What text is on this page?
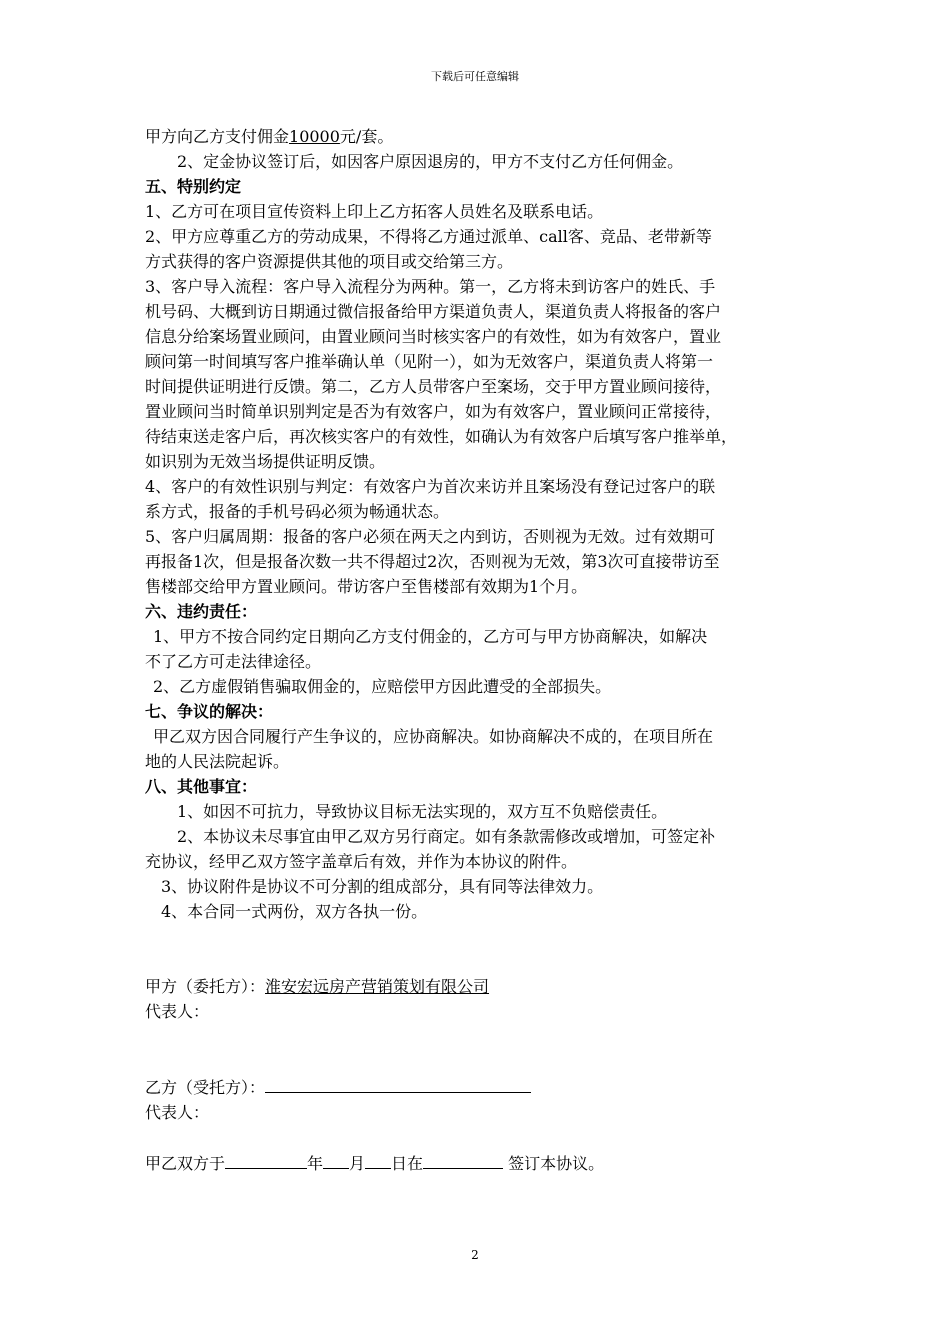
下载后可任意编辑

甲方向乙方支付佣金10000元/套。

2、定金协议签订后，如因客户原因退房的，甲方不支付乙方任何佣金。

五、特别约定

1、乙方可在项目宣传资料上印上乙方拓客人员姓名及联系电话。

2、甲方应尊重乙方的劳动成果，不得将乙方通过派单、call客、竞品、老带新等

方式获得的客户资源提供其他的项目或交给第三方。

3、客户导入流程：客户导入流程分为两种。第一，乙方将未到访客户的姓氏、手

机号码、大概到访日期通过微信报备给甲方渠道负责人，渠道负责人将报备的客户

信息分给案场置业顾问，由置业顾问当时核实客户的有效性，如为有效客户，置业

顾问第一时间填写客户推举确认单（见附一），如为无效客户，渠道负责人将第一

时间提供证明进行反馈。第二，乙方人员带客户至案场，交于甲方置业顾问接待，

置业顾问当时简单识别判定是否为有效客户，如为有效客户，置业顾问正常接待，

待结束送走客户后，再次核实客户的有效性，如确认为有效客户后填写客户推举单，

如识别为无效当场提供证明反馈。

4、客户的有效性识别与判定：有效客户为首次来访并且案场没有登记过客户的联

系方式，报备的手机号码必须为畅通状态。

5、客户归属周期：报备的客户必须在两天之内到访，否则视为无效。过有效期可

再报备1次，但是报备次数一共不得超过2次，否则视为无效，第3次可直接带访至

售楼部交给甲方置业顾问。带访客户至售楼部有效期为1个月。

六、违约责任：

1、甲方不按合同约定日期向乙方支付佣金的，乙方可与甲方协商解决，如解决

不了乙方可走法律途径。

2、乙方虚假销售骗取佣金的，应赔偿甲方因此遭受的全部损失。

七、争议的解决：

甲乙双方因合同履行产生争议的，应协商解决。如协商解决不成的，在项目所在

地的人民法院起诉。

八、其他事宜：

1、如因不可抗力，导致协议目标无法实现的，双方互不负赔偿责任。

2、本协议未尽事宜由甲乙双方另行商定。如有条款需修改或增加，可签定补

充协议，经甲乙双方签字盖章后有效，并作为本协议的附件。

3、协议附件是协议不可分割的组成部分，具有同等法律效力。

4、本合同一式两份，双方各执一份。

甲方（委托方）：淮安宏远房产营销策划有限公司

代表人：

乙方（受托方）：

代表人：

甲乙双方于	年 月 日在	签订本协议。

2
